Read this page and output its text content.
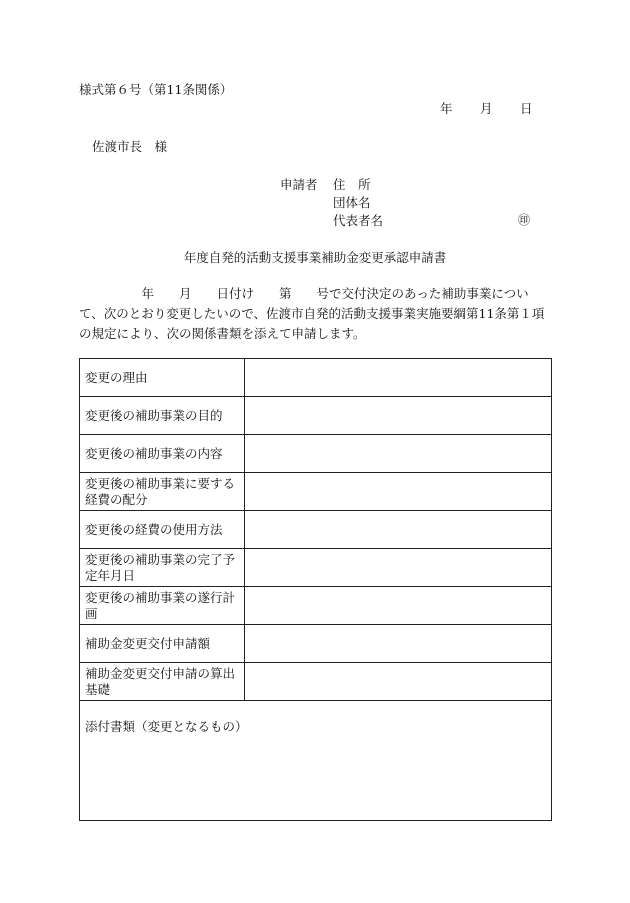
様式第６号（第11条関係）
年 月 日
佐渡市長　様
申請者 住　所
団体名
代表者名	㊞
年度自発的活動支援事業補助金変更承認申請書
　　　　　年　　月　　日付け　　第　　号で交付決定のあった補助事業について、次のとおり変更したいので、佐渡市自発的活動支援事業実施要綱第11条第１項の規定により、次の関係書類を添えて申請します。
変更の理由	
変更後の補助事業の目的	
変更後の補助事業の内容	
変更後の補助事業に要する経費の配分	
変更後の経費の使用方法	
変更後の補助事業の完了予定年月日	
変更後の補助事業の遂行計画	
補助金変更交付申請額	
補助金変更交付申請の算出基礎	
添付書類（変更となるもの）	
